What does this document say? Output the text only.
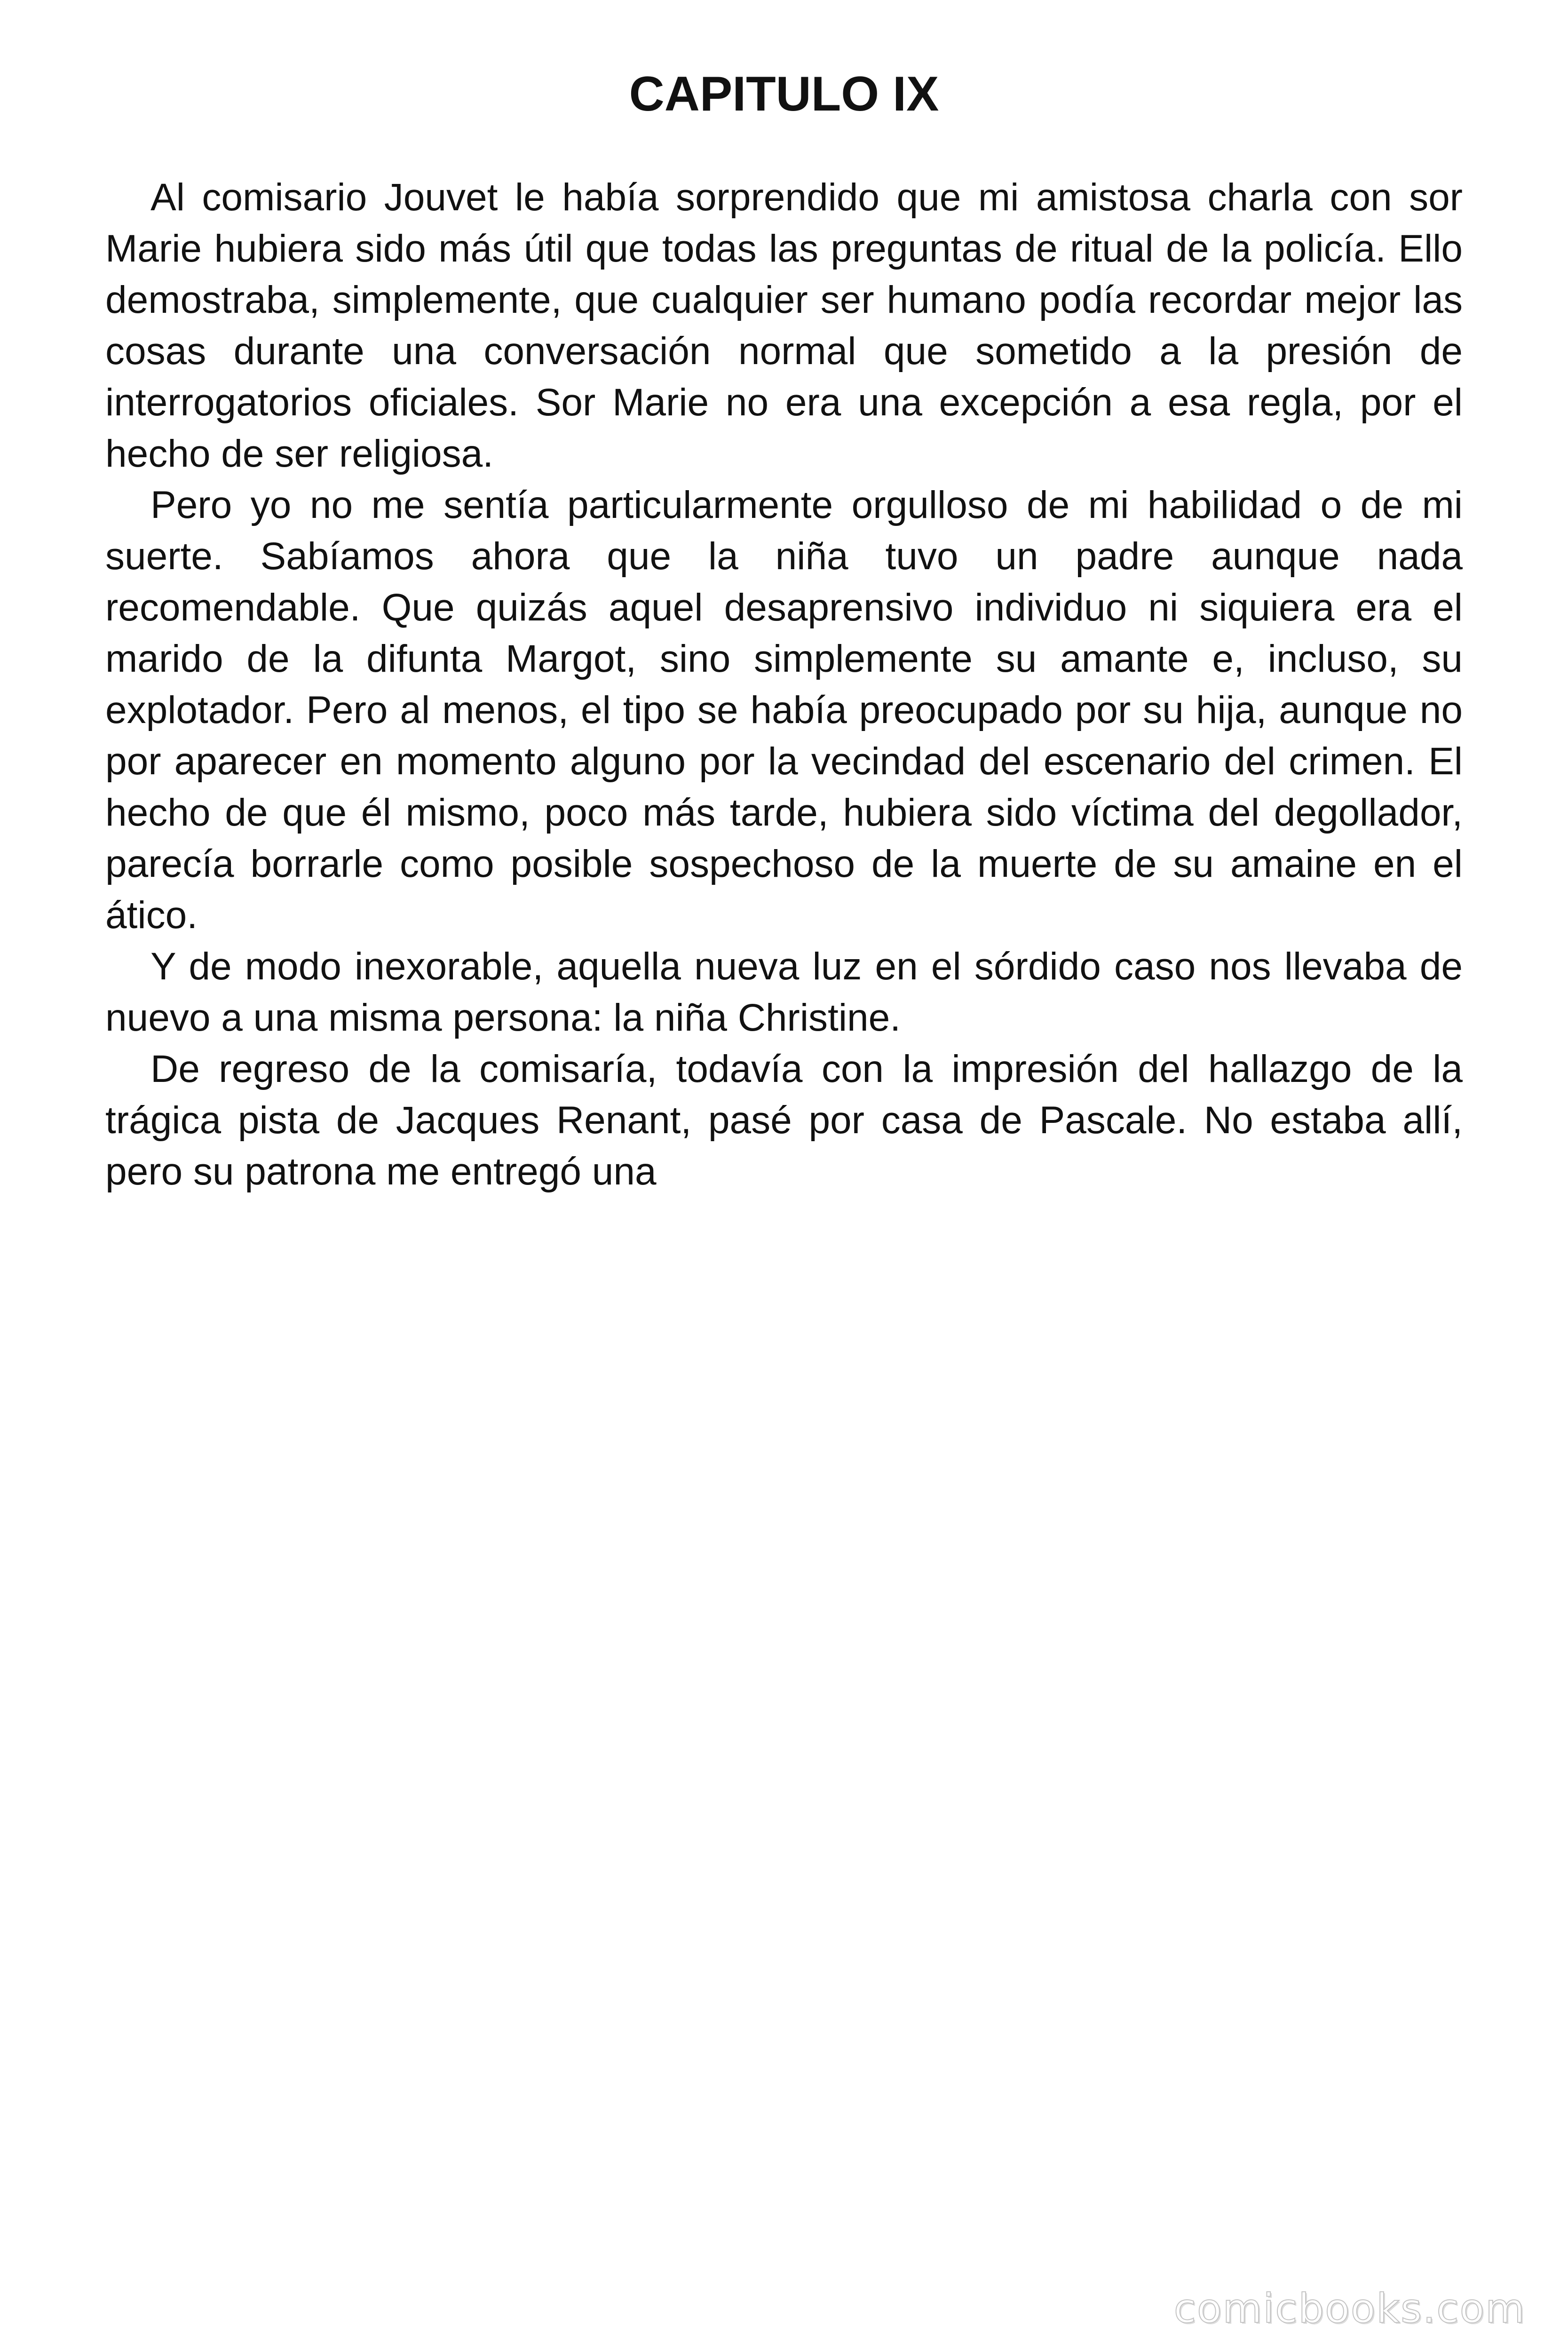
CAPITULO IX

Al comisario Jouvet le había sorprendido que mi amistosa charla con sor Marie hubiera sido más útil que todas las preguntas de ritual de la policía. Ello demostraba, simplemente, que cualquier ser humano podía recordar mejor las cosas durante una conversación normal que sometido a la presión de interrogatorios oficiales. Sor Marie no era una excepción a esa regla, por el hecho de ser religiosa.

Pero yo no me sentía particularmente orgulloso de mi habilidad o de mi suerte. Sabíamos ahora que la niña tuvo un padre aunque nada recomendable. Que quizás aquel desaprensivo individuo ni siquiera era el marido de la difunta Margot, sino simplemente su amante e, incluso, su explotador. Pero al menos, el tipo se había preocupado por su hija, aunque no por aparecer en momento alguno por la vecindad del escenario del crimen. El hecho de que él mismo, poco más tarde, hubiera sido víctima del degollador, parecía borrarle como posible sospechoso de la muerte de su amaine en el ático.

Y de modo inexorable, aquella nueva luz en el sórdido caso nos llevaba de nuevo a una misma persona: la niña Christine.

De regreso de la comisaría, todavía con la impresión del hallazgo de la trágica pista de Jacques Renant, pasé por casa de Pascale. No estaba allí, pero su patrona me entregó una

comicbooks.com
